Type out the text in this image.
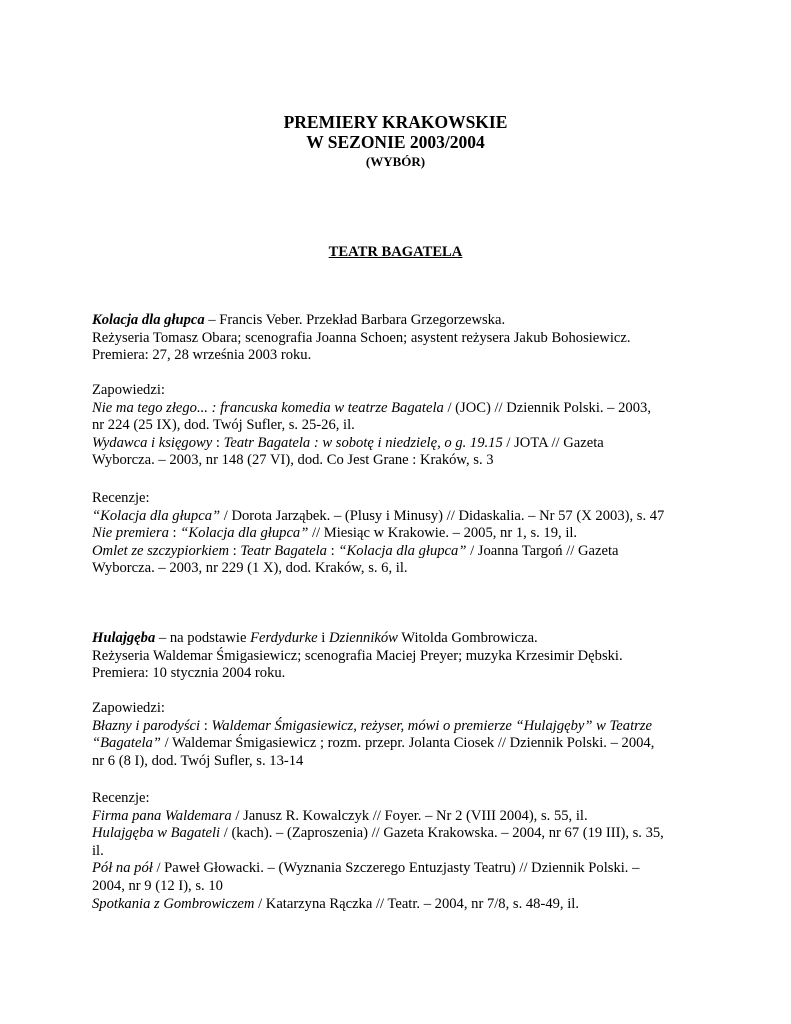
PREMIERY KRAKOWSKIE
W SEZONIE 2003/2004
(WYBÓR)
TEATR BAGATELA
Kolacja dla głupca – Francis Veber. Przekład Barbara Grzegorzewska.
Reżyseria Tomasz Obara; scenografia Joanna Schoen; asystent reżysera Jakub Bohosiewicz.
Premiera: 27, 28 września 2003 roku.
Zapowiedzi:
Nie ma tego złego... : francuska komedia w teatrze Bagatela / (JOC) // Dziennik Polski. – 2003,
nr 224 (25 IX), dod. Twój Sufler, s. 25-26, il.
Wydawca i księgowy : Teatr Bagatela : w sobotę i niedzielę, o g. 19.15 / JOTA // Gazeta
Wyborcza. – 2003, nr 148 (27 VI), dod. Co Jest Grane : Kraków, s. 3
Recenzje:
“Kolacja dla głupca” / Dorota Jarząbek. – (Plusy i Minusy) // Didaskalia. – Nr 57 (X 2003), s. 47
Nie premiera : “Kolacja dla głupca” // Miesiąc w Krakowie. – 2005, nr 1, s. 19, il.
Omlet ze szczypiorkiem : Teatr Bagatela : “Kolacja dla głupca” / Joanna Targoń // Gazeta
Wyborcza. – 2003, nr 229 (1 X), dod. Kraków, s. 6, il.
Hulajgęba – na podstawie Ferdydurke i Dzienników Witolda Gombrowicza.
Reżyseria Waldemar Śmigasiewicz; scenografia Maciej Preyer; muzyka Krzesimir Dębski.
Premiera: 10 stycznia 2004 roku.
Zapowiedzi:
Błazny i parodyści : Waldemar Śmigasiewicz, reżyser, mówi o premierze “Hulajgęby” w Teatrze
“Bagatela” / Waldemar Śmigasiewicz ; rozm. przepr. Jolanta Ciosek // Dziennik Polski. – 2004,
nr 6 (8 I), dod. Twój Sufler, s. 13-14
Recenzje:
Firma pana Waldemara / Janusz R. Kowalczyk // Foyer. – Nr 2 (VIII 2004), s. 55, il.
Hulajgęba w Bagateli / (kach). – (Zaproszenia) // Gazeta Krakowska. – 2004, nr 67 (19 III), s. 35,
il.
Pół na pół / Paweł Głowacki. – (Wyznania Szczerego Entuzjasty Teatru) // Dziennik Polski. –
2004, nr 9 (12 I), s. 10
Spotkania z Gombrowiczem / Katarzyna Rączka // Teatr. – 2004, nr 7/8, s. 48-49, il.
